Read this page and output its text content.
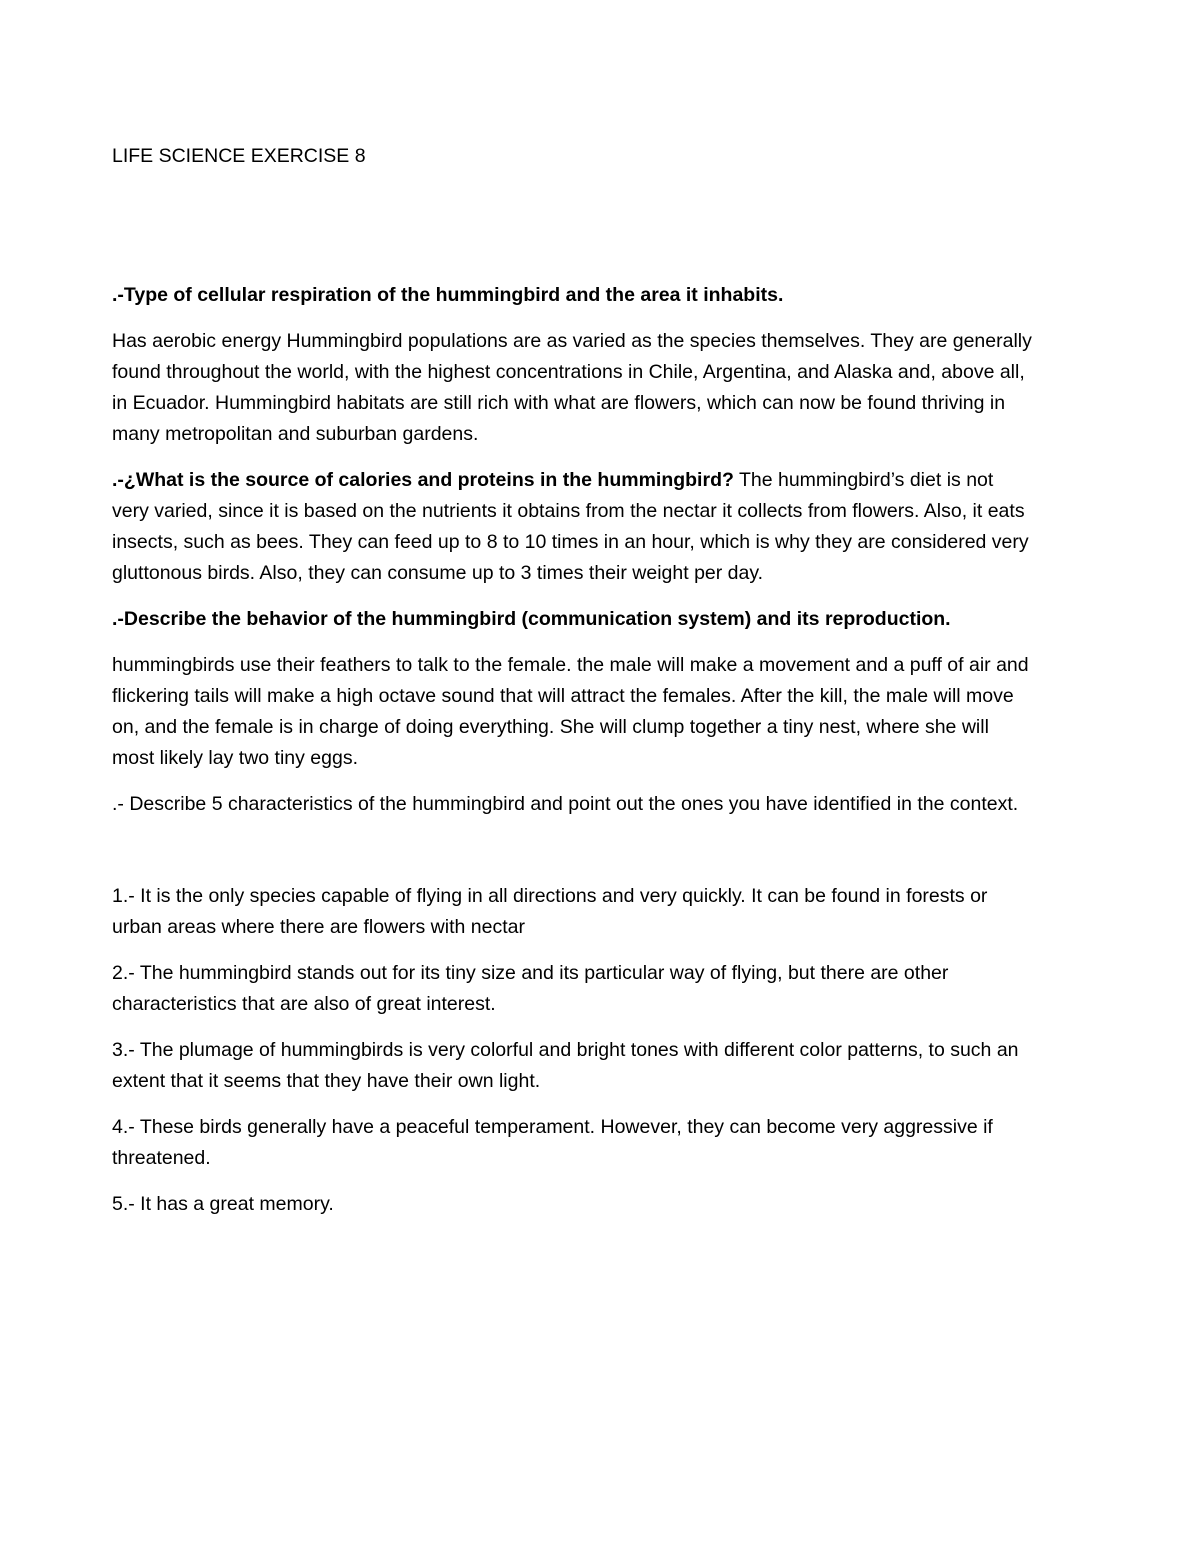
LIFE SCIENCE EXERCISE 8

.-Type of cellular respiration of the hummingbird and the area it inhabits.

Has aerobic energy Hummingbird populations are as varied as the species themselves. They are generally found throughout the world, with the highest concentrations in Chile, Argentina, and Alaska and, above all, in Ecuador. Hummingbird habitats are still rich with what are flowers, which can now be found thriving in many metropolitan and suburban gardens.

.-¿What is the source of calories and proteins in the hummingbird? The hummingbird’s diet is not very varied, since it is based on the nutrients it obtains from the nectar it collects from flowers. Also, it eats insects, such as bees. They can feed up to 8 to 10 times in an hour, which is why they are considered very gluttonous birds. Also, they can consume up to 3 times their weight per day.

.-Describe the behavior of the hummingbird (communication system) and its reproduction.

hummingbirds use their feathers to talk to the female. the male will make a movement and a puff of air and flickering tails will make a high octave sound that will attract the females. After the kill, the male will move on, and the female is in charge of doing everything. She will clump together a tiny nest, where she will most likely lay two tiny eggs.

.- Describe 5 characteristics of the hummingbird and point out the ones you have identified in the context.

1.- It is the only species capable of flying in all directions and very quickly. It can be found in forests or urban areas where there are flowers with nectar

2.- The hummingbird stands out for its tiny size and its particular way of flying, but there are other characteristics that are also of great interest.

3.- The plumage of hummingbirds is very colorful and bright tones with different color patterns, to such an extent that it seems that they have their own light.

4.- These birds generally have a peaceful temperament. However, they can become very aggressive if threatened.

5.- It has a great memory.
